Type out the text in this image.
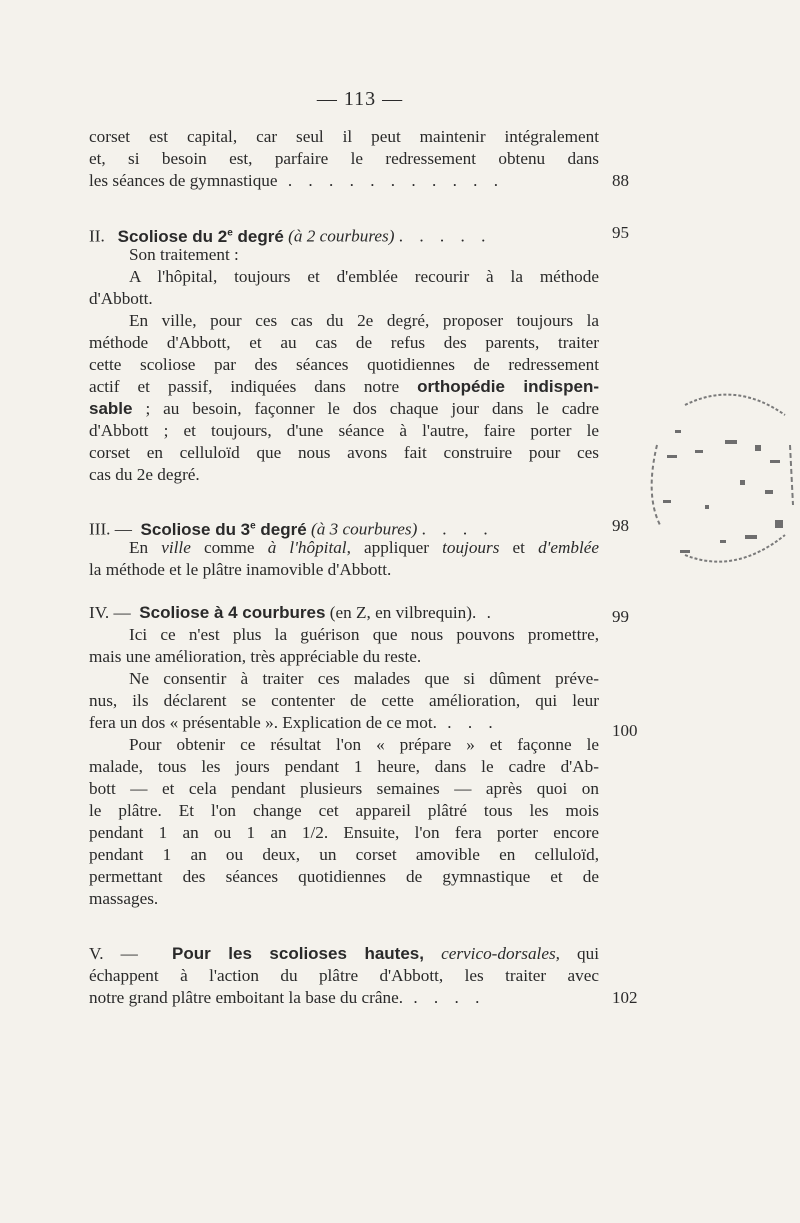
— 113 —
corset est capital, car seul il peut maintenir intégralement
et, si besoin est, parfaire le redressement obtenu dans
les séances de gymnastique . . . . . . . . . . .	88
II. Scoliose du 2e degré (à 2 courbures) . . . . .
Son traitement :
A l'hôpital, toujours et d'emblée recourir à la méthode
d'Abbott.
En ville, pour ces cas du 2e degré, proposer toujours la
méthode d'Abbott, et au cas de refus des parents, traiter
cette scoliose par des séances quotidiennes de redressement
actif et passif, indiquées dans notre orthopédie indispen-
sable ; au besoin, façonner le dos chaque jour dans le cadre
d'Abbott ; et toujours, d'une séance à l'autre, faire porter le
corset en celluloïd que nous avons fait construire pour ces
cas du 2e degré.
95
III. — Scoliose du 3e degré (à 3 courbures) . . . .
En ville comme à l'hôpital, appliquer toujours et d'emblée
la méthode et le plâtre inamovible d'Abbott.
98
IV. — Scoliose à 4 courbures (en Z, en vilbrequin). .
Ici ce n'est plus la guérison que nous pouvons promettre,
mais une amélioration, très appréciable du reste.
Ne consentir à traiter ces malades que si dûment préve-
nus, ils déclarent se contenter de cette amélioration, qui leur
fera un dos « présentable ». Explication de ce mot. . . .
Pour obtenir ce résultat l'on « prépare » et façonne le
malade, tous les jours pendant 1 heure, dans le cadre d'Ab-
bott — et cela pendant plusieurs semaines — après quoi on
le plâtre. Et l'on change cet appareil plâtré tous les mois
pendant 1 an ou 1 an 1/2. Ensuite, l'on fera porter encore
pendant 1 an ou deux, un corset amovible en celluloïd,
permettant des séances quotidiennes de gymnastique et de
massages.
99
100
V. — Pour les scolioses hautes, cervico-dorsales, qui
échappent à l'action du plâtre d'Abbott, les traiter avec
notre grand plâtre emboitant la base du crâne. . . . .	102
